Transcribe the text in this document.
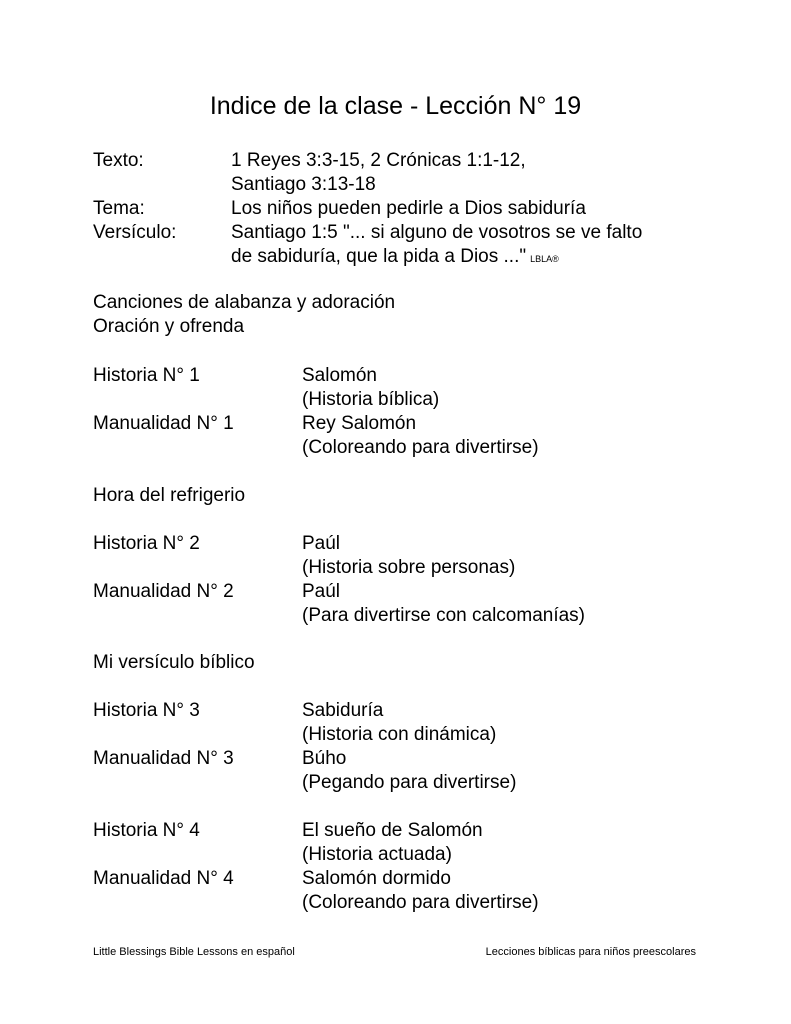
Indice de la clase - Lección N° 19
Texto:	1 Reyes 3:3-15, 2 Crónicas 1:1-12,
Santiago 3:13-18
Tema:	Los niños pueden pedirle a Dios sabiduría
Versículo:	Santiago 1:5 "... si alguno de vosotros se ve falto
de sabiduría, que la pida a Dios ..." LBLA®
Canciones de alabanza y adoración
Oración y ofrenda
Historia N° 1	Salomón
(Historia bíblica)
Manualidad N° 1	Rey Salomón
(Coloreando para divertirse)
Hora del refrigerio
Historia N° 2	Paúl
(Historia sobre personas)
Manualidad N° 2	Paúl
(Para divertirse con calcomanías)
Mi versículo bíblico
Historia N° 3	Sabiduría
(Historia con dinámica)
Manualidad N° 3	Búho
(Pegando para divertirse)
Historia N° 4	El sueño de Salomón
(Historia actuada)
Manualidad N° 4	Salomón dormido
(Coloreando para divertirse)
Little Blessings Bible Lessons en español	Lecciones bíblicas para niños preescolares
